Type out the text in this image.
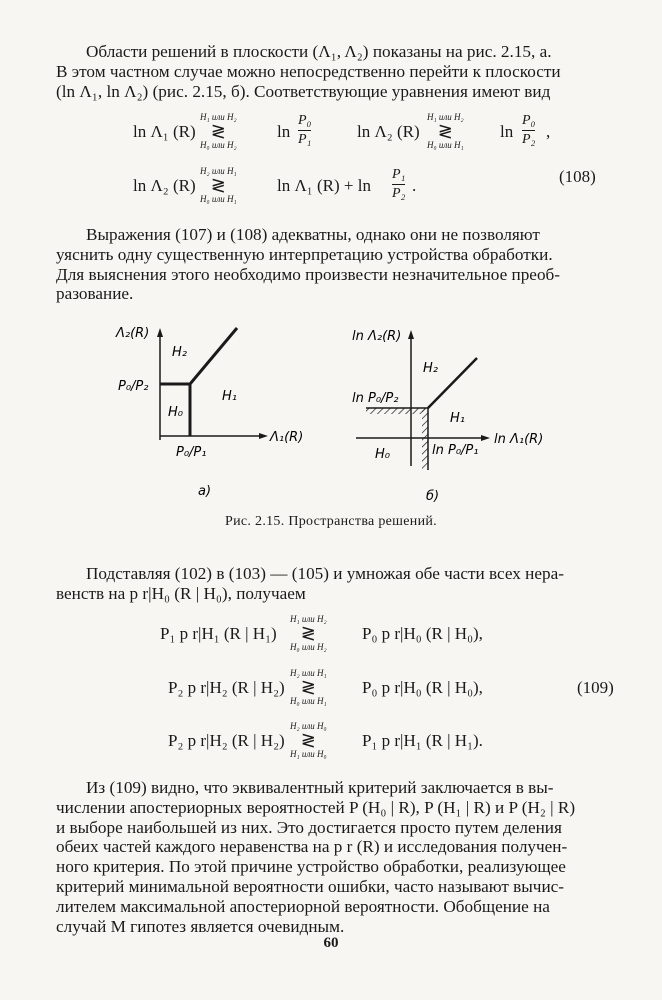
Области решений в плоскости (Λ₁, Λ₂) показаны на рис. 2.15, а.
В этом частном случае можно непосредственно перейти к плоскости
(ln Λ₁, ln Λ₂) (рис. 2.15, б). Соответствующие уравнения имеют вид

ln Λ₁ (R)
H₁ или H₂
≷
H₀ или H₂
ln
P₀
P₁	ln Λ₂ (R)
H₁ или H₂
≷
H₀ или H₁
ln
P₀
P₂ ,
ln Λ₂ (R)
H₂ или H₁
≷
H₀ или H₁
ln Λ₁ (R) + ln
P₁
P₂ .	(108)

Выражения (107) и (108) адекватны, однако они не позволяют
уяснить одну существенную интерпретацию устройства обработки.
Для выяснения этого необходимо произвести незначительное преоб-
разование.

Λ₂(R)
Λ₁(R)
P₀/P₂
P₀/P₁
H₀
H₁
H₂
а)
ln Λ₂(R)
ln Λ₁(R)
ln P₀/P₂
ln P₀/P₁
H₀
H₁
H₂
б)
Рис. 2.15. Пространства решений.

Подставляя (102) в (103) — (105) и умножая обе части всех нера-
венств на p r|H₀ (R | H₀), получаем

P₁ p r|H₁ (R | H₁)
H₁ или H₂
≷
H₀ или H₂
P₀ p r|H₀ (R | H₀),
P₂ p r|H₂ (R | H₂)
H₂ или H₁
≷
H₀ или H₁
P₀ p r|H₀ (R | H₀),	(109)
P₂ p r|H₂ (R | H₂)
H₂ или H₀
≷
H₁ или H₀
P₁ p r|H₁ (R | H₁).

Из (109) видно, что эквивалентный критерий заключается в вы-
числении апостериорных вероятностей P (H₀ | R), P (H₁ | R) и P (H₂ | R)
и выборе наибольшей из них. Это достигается просто путем деления
обеих частей каждого неравенства на p r (R) и исследования получен-
ного критерия. По этой причине устройство обработки, реализующее
критерий минимальной вероятности ошибки, часто называют вычис-
лителем максимальной апостериорной вероятности. Обобщение на
случай M гипотез является очевидным.

60
